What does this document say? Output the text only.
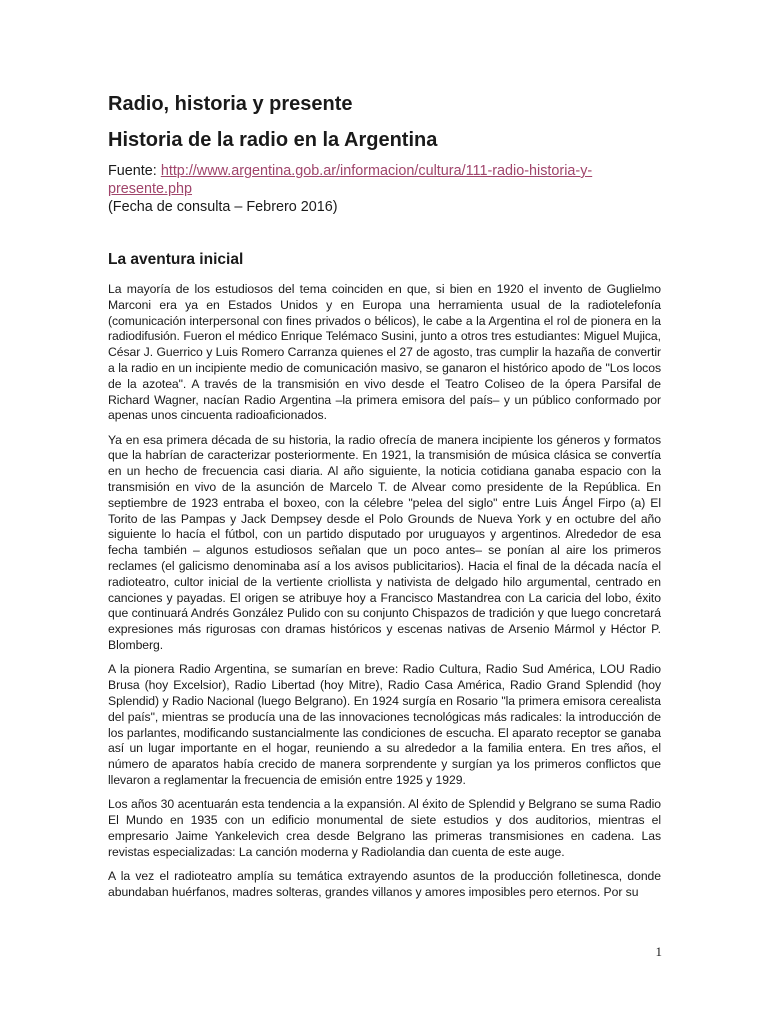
Radio, historia y presente
Historia de la radio en la Argentina

Fuente: http://www.argentina.gob.ar/informacion/cultura/111-radio-historia-y-presente.php

(Fecha de consulta – Febrero 2016)

La aventura inicial

La mayoría de los estudiosos del tema coinciden en que, si bien en 1920 el invento de Guglielmo Marconi era ya en Estados Unidos y en Europa una herramienta usual de la radiotelefonía (comunicación interpersonal con fines privados o bélicos), le cabe a la Argentina el rol de pionera en la radiodifusión. Fueron el médico Enrique Telémaco Susini, junto a otros tres estudiantes: Miguel Mujica, César J. Guerrico y Luis Romero Carranza quienes el 27 de agosto, tras cumplir la hazaña de convertir a la radio en un incipiente medio de comunicación masivo, se ganaron el histórico apodo de "Los locos de la azotea". A través de la transmisión en vivo desde el Teatro Coliseo de la ópera Parsifal de Richard Wagner, nacían Radio Argentina –la primera emisora del país– y un público conformado por apenas unos cincuenta radioaficionados.

Ya en esa primera década de su historia, la radio ofrecía de manera incipiente los géneros y formatos que la habrían de caracterizar posteriormente. En 1921, la transmisión de música clásica se convertía en un hecho de frecuencia casi diaria. Al año siguiente, la noticia cotidiana ganaba espacio con la transmisión en vivo de la asunción de Marcelo T. de Alvear como presidente de la República. En septiembre de 1923 entraba el boxeo, con la célebre "pelea del siglo" entre Luis Ángel Firpo (a) El Torito de las Pampas y Jack Dempsey desde el Polo Grounds de Nueva York y en octubre del año siguiente lo hacía el fútbol, con un partido disputado por uruguayos y argentinos. Alrededor de esa fecha también – algunos estudiosos señalan que un poco antes– se ponían al aire los primeros reclames (el galicismo denominaba así a los avisos publicitarios). Hacia el final de la década nacía el radioteatro, cultor inicial de la vertiente criollista y nativista de delgado hilo argumental, centrado en canciones y payadas. El origen se atribuye hoy a Francisco Mastandrea con La caricia del lobo, éxito que continuará Andrés González Pulido con su conjunto Chispazos de tradición y que luego concretará expresiones más rigurosas con dramas históricos y escenas nativas de Arsenio Mármol y Héctor P. Blomberg.

A la pionera Radio Argentina, se sumarían en breve: Radio Cultura, Radio Sud América, LOU Radio Brusa (hoy Excelsior), Radio Libertad (hoy Mitre), Radio Casa América, Radio Grand Splendid (hoy Splendid) y Radio Nacional (luego Belgrano). En 1924 surgía en Rosario "la primera emisora cerealista del país", mientras se producía una de las innovaciones tecnológicas más radicales: la introducción de los parlantes, modificando sustancialmente las condiciones de escucha. El aparato receptor se ganaba así un lugar importante en el hogar, reuniendo a su alrededor a la familia entera. En tres años, el número de aparatos había crecido de manera sorprendente y surgían ya los primeros conflictos que llevaron a reglamentar la frecuencia de emisión entre 1925 y 1929.

Los años 30 acentuarán esta tendencia a la expansión. Al éxito de Splendid y Belgrano se suma Radio El Mundo en 1935 con un edificio monumental de siete estudios y dos auditorios, mientras el empresario Jaime Yankelevich crea desde Belgrano las primeras transmisiones en cadena. Las revistas especializadas: La canción moderna y Radiolandia dan cuenta de este auge.

A la vez el radioteatro amplía su temática extrayendo asuntos de la producción folletinesca, donde abundaban huérfanos, madres solteras, grandes villanos y amores imposibles pero eternos. Por su

1
